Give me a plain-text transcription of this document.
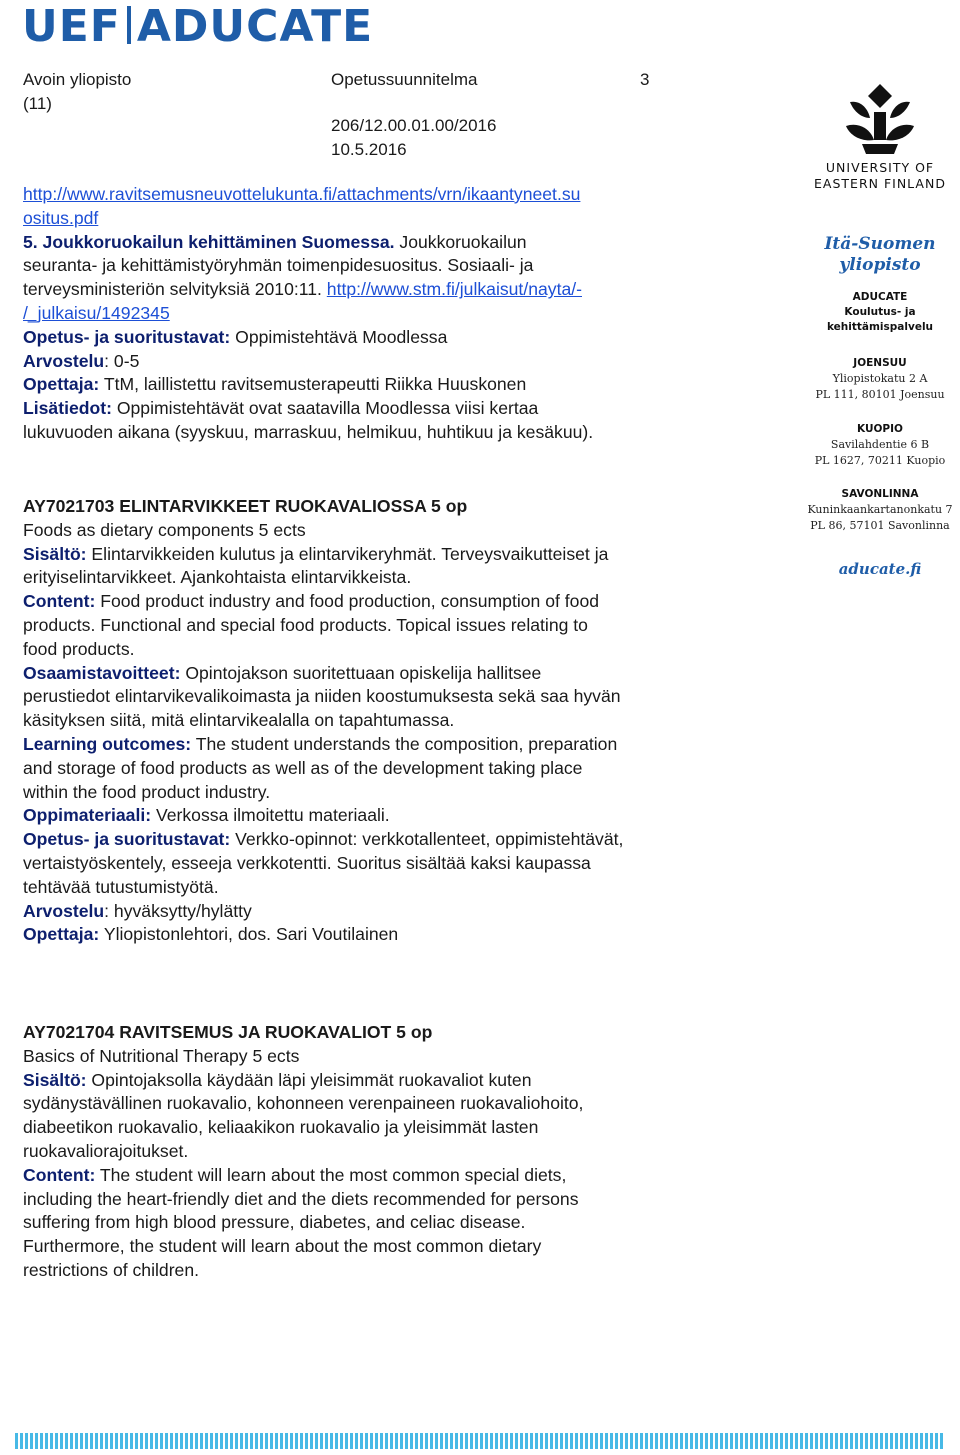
UEF ADUCATE
Avoin yliopisto
(11)
Opetussuunnitelma	3
206/12.00.01.00/2016
10.5.2016
UNIVERSITY OF
EASTERN FINLAND
Itä-Suomen
yliopisto
ADUCATE
Koulutus- ja
kehittämispalvelu
JOENSUU
Yliopistokatu 2 A
PL 111, 80101 Joensuu
KUOPIO
Savilahdentie 6 B
PL 1627, 70211 Kuopio
SAVONLINNA
Kuninkaankartanonkatu 7
PL 86, 57101 Savonlinna
aducate.fi

http://www.ravitsemusneuvottelukunta.fi/attachments/vrn/ikaantyneet.su

ositus.pdf

5. Joukkoruokailun kehittäminen Suomessa. Joukkoruokailun

seuranta- ja kehittämistyöryhmän toimenpidesuositus. Sosiaali- ja

terveysministeriön selvityksiä 2010:11. http://www.stm.fi/julkaisut/nayta/-

/_julkaisu/1492345

Opetus- ja suoritustavat: Oppimistehtävä Moodlessa

Arvostelu: 0-5

Opettaja: TtM, laillistettu ravitsemusterapeutti Riikka Huuskonen

Lisätiedot: Oppimistehtävät ovat saatavilla Moodlessa viisi kertaa

lukuvuoden aikana (syyskuu, marraskuu, helmikuu, huhtikuu ja kesäkuu).

AY7021703 ELINTARVIKKEET RUOKAVALIOSSA 5 op

Foods as dietary components 5 ects

Sisältö: Elintarvikkeiden kulutus ja elintarvikeryhmät. Terveysvaikutteiset ja

erityiselintarvikkeet. Ajankohtaista elintarvikkeista.

Content: Food product industry and food production, consumption of food

products. Functional and special food products. Topical issues relating to

food products.

Osaamistavoitteet: Opintojakson suoritettuaan opiskelija hallitsee

perustiedot elintarvikevalikoimasta ja niiden koostumuksesta sekä saa hyvän

käsityksen siitä, mitä elintarvikealalla on tapahtumassa.

Learning outcomes: The student understands the composition, preparation

and storage of food products as well as of the development taking place

within the food product industry.

Oppimateriaali: Verkossa ilmoitettu materiaali.

Opetus- ja suoritustavat: Verkko-opinnot: verkkotallenteet, oppimistehtävät,

vertaistyöskentely, esseeja verkkotentti. Suoritus sisältää kaksi kaupassa

tehtävää tutustumistyötä.

Arvostelu: hyväksytty/hylätty

Opettaja: Yliopistonlehtori, dos. Sari Voutilainen

AY7021704 RAVITSEMUS JA RUOKAVALIOT 5 op

Basics of Nutritional Therapy 5 ects

Sisältö: Opintojaksolla käydään läpi yleisimmät ruokavaliot kuten

sydänystävällinen ruokavalio, kohonneen verenpaineen ruokavaliohoito,

diabeetikon ruokavalio, keliaakikon ruokavalio ja yleisimmät lasten

ruokavaliorajoitukset.

Content: The student will learn about the most common special diets,

including the heart-friendly diet and the diets recommended for persons

suffering from high blood pressure, diabetes, and celiac disease.

Furthermore, the student will learn about the most common dietary

restrictions of children.
